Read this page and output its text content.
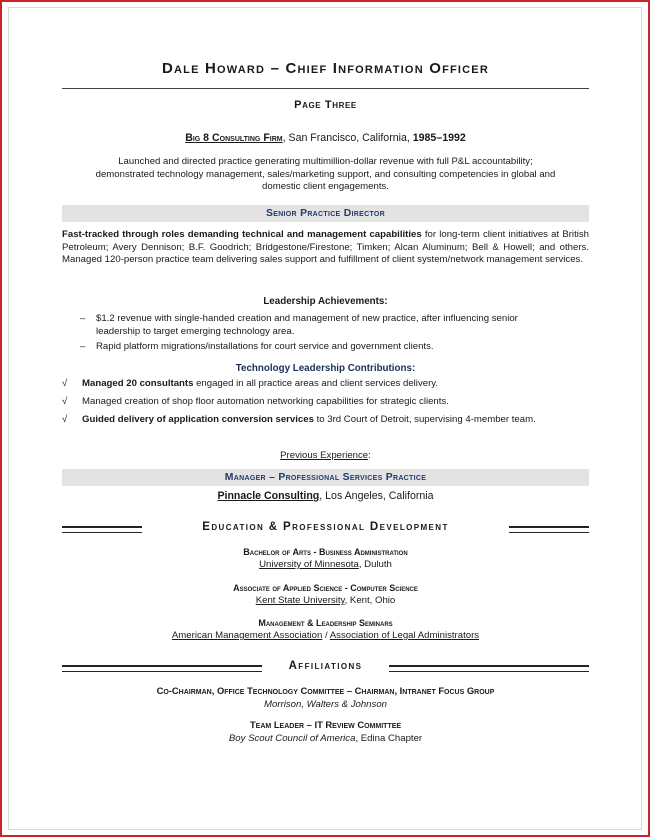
Dale Howard – Chief Information Officer
Page Three
Big 8 Consulting Firm, San Francisco, California, 1985–1992
Launched and directed practice generating multimillion-dollar revenue with full P&L accountability; demonstrated technology management, sales/marketing support, and consulting competencies in global and domestic client engagements.
Senior Practice Director
Fast-tracked through roles demanding technical and management capabilities for long-term client initiatives at British Petroleum; Avery Dennison; B.F. Goodrich; Bridgestone/Firestone; Timken; Alcan Aluminum; Bell & Howell; and others. Managed 120-person practice team delivering sales support and fulfillment of client system/network management services.
Leadership Achievements:
– $1.2 revenue with single-handed creation and management of new practice, after influencing senior leadership to target emerging technology area.
– Rapid platform migrations/installations for court service and government clients.
Technology Leadership Contributions:
√ Managed 20 consultants engaged in all practice areas and client services delivery.
√ Managed creation of shop floor automation networking capabilities for strategic clients.
√ Guided delivery of application conversion services to 3rd Court of Detroit, supervising 4-member team.
Previous Experience:
Manager – Professional Services Practice
Pinnacle Consulting, Los Angeles, California
Education & Professional Development
Bachelor of Arts - Business Administration
University of Minnesota, Duluth
Associate of Applied Science - Computer Science
Kent State University, Kent, Ohio
Management & Leadership Seminars
American Management Association / Association of Legal Administrators
Affiliations
Co-Chairman, Office Technology Committee – Chairman, Intranet Focus Group
Morrison, Walters & Johnson
Team Leader – IT Review Committee
Boy Scout Council of America, Edina Chapter
